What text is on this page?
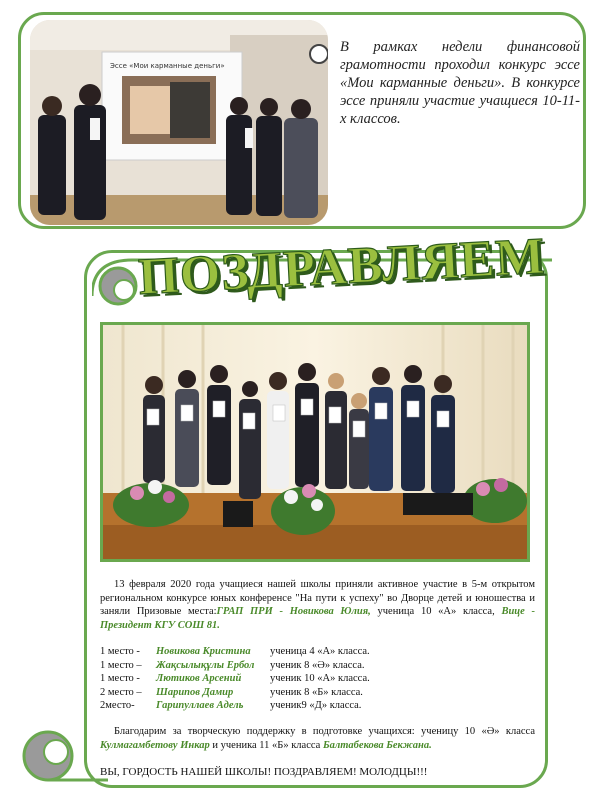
Эссе «Мои карманные деньги»

В рамках недели финансовой грамотности проходил конкурс эссе «Мои карманные деньги». В конкурсе эссе приняли участие учащиеся 10-11-х классов.

ПОЗДРАВЛЯЕМ

13 февраля 2020 года учащиеся нашей школы приняли активное участие в 5-м открытом региональном конкурсе юных конференсе "На пути к успеху" во Дворце детей и юношества и заняли Призовые места:ГРАП ПРИ - Новикова Юлия, ученица 10 «А» класса, Вице - Президент КГУ СОШ 81.

1 место -	Новикова Кристина	ученица 4 «А» класса.
1 место –	Жақсылықұлы Ербол	ученик 8 «Ә» класса.
1 место -	Лютиков Арсений	ученик 10 «А» класса.
2 место –	Шарипов Дамир	ученик 8 «Б» класса.
2место-	Гарипуллаев Адель	ученик9 «Д» класса.

Благодарим за творческую поддержку в подготовке учащихся: ученицу 10 «Ә» класса Кулмагамбетову Инкар и ученика 11 «Б» класса Балтабекова Бекжана.

ВЫ, ГОРДОСТЬ НАШЕЙ ШКОЛЫ! ПОЗДРАВЛЯЕМ! МОЛОДЦЫ!!!
